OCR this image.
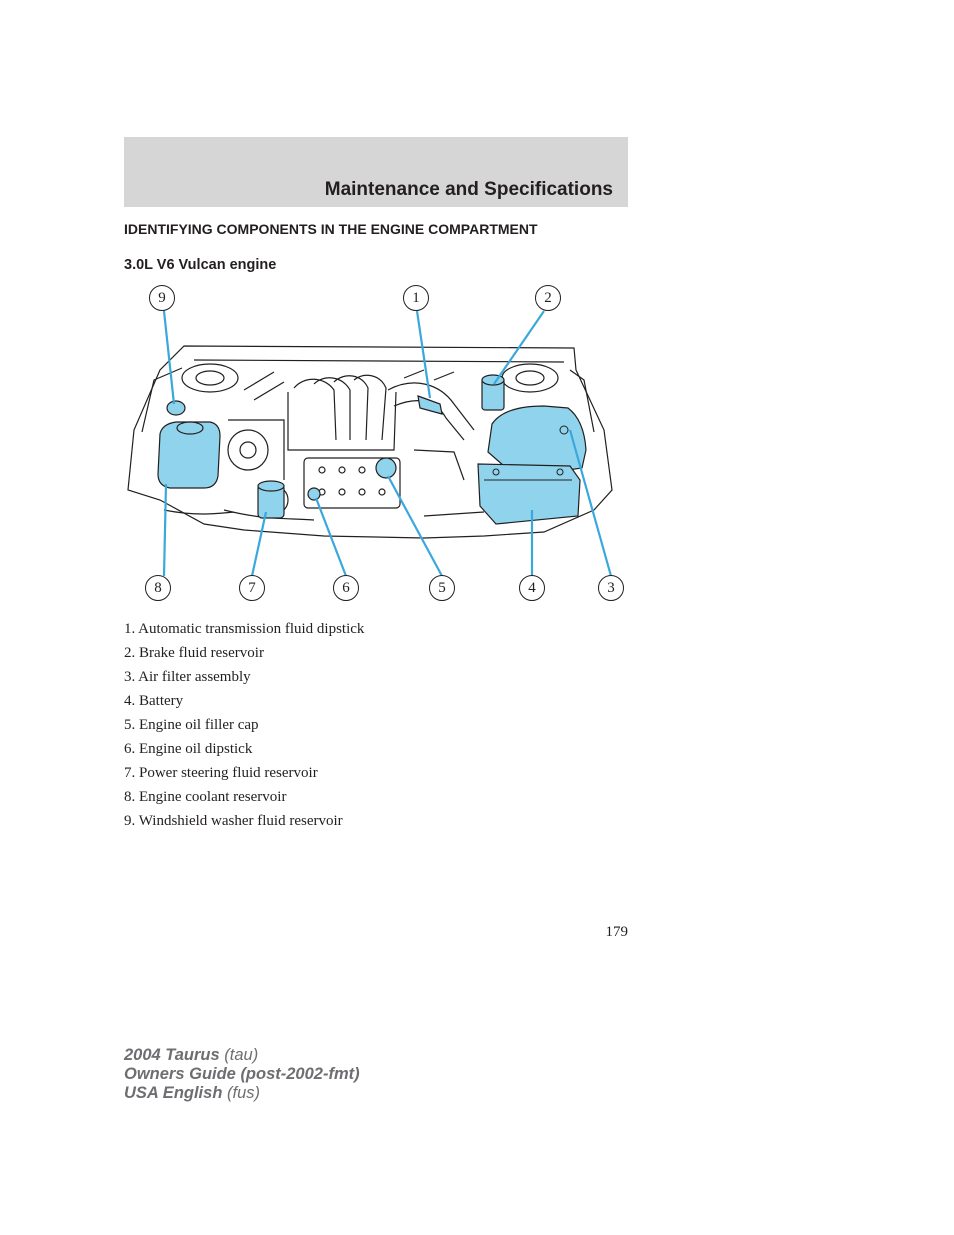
Maintenance and Specifications
IDENTIFYING COMPONENTS IN THE ENGINE COMPARTMENT
3.0L V6 Vulcan engine
9	1	2
8	7	6	5	4	3
1. Automatic transmission fluid dipstick
2. Brake fluid reservoir
3. Air filter assembly
4. Battery
5. Engine oil filler cap
6. Engine oil dipstick
7. Power steering fluid reservoir
8. Engine coolant reservoir
9. Windshield washer fluid reservoir
179
2004 Taurus (tau)
Owners Guide (post-2002-fmt)
USA English (fus)
